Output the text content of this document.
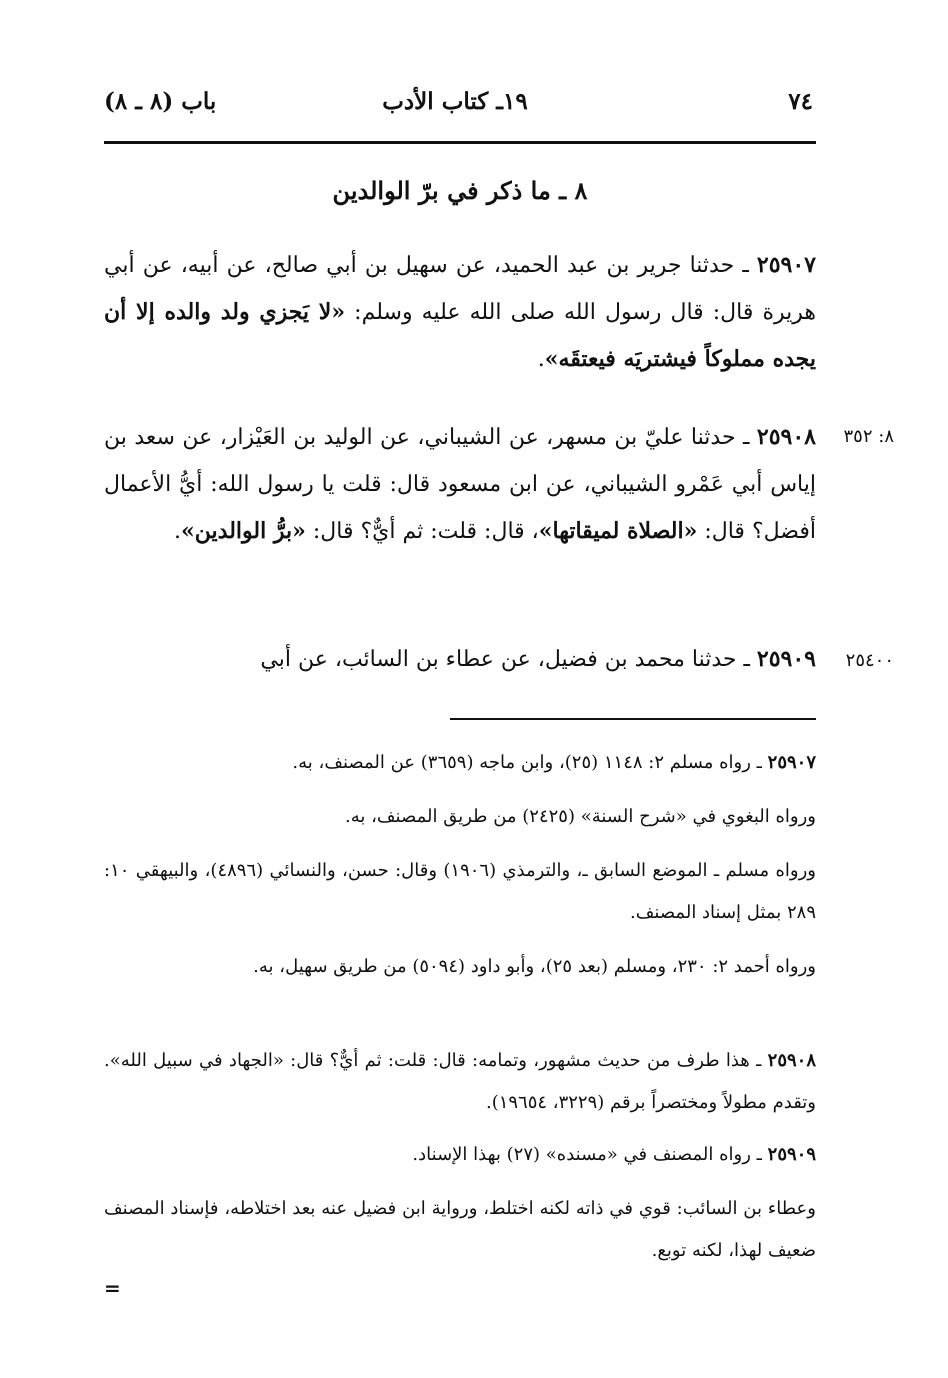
٧٤
١٩ـ كتاب الأدب
باب (٨ ـ ٨)
٨ ـ ما ذكر في برّ الوالدين

٢٥٩٠٧ ـ حدثنا جرير بن عبد الحميد، عن سهيل بن أبي صالح، عن أبيه، عن أبي هريرة قال: قال رسول الله صلى الله عليه وسلم: «لا يَجزي ولد والده إلا أن يجده مملوكاً فيشتريَه فيعتقَه».

٨: ٣٥٢

٢٥٩٠٨ ـ حدثنا عليّ بن مسهر، عن الشيباني، عن الوليد بن العَيْزار، عن سعد بن إياس أبي عَمْرو الشيباني، عن ابن مسعود قال: قلت يا رسول الله: أيُّ الأعمال أفضل؟ قال: «الصلاة لميقاتها»، قال: قلت: ثم أيٌّ؟ قال: «برُّ الوالدين».

٢٥٤٠٠

٢٥٩٠٩ ـ حدثنا محمد بن فضيل، عن عطاء بن السائب، عن أبي

٢٥٩٠٧ ـ رواه مسلم ٢: ١١٤٨ (٢٥)، وابن ماجه (٣٦٥٩) عن المصنف، به.

ورواه البغوي في «شرح السنة» (٢٤٢٥) من طريق المصنف، به.

ورواه مسلم ـ الموضع السابق ـ، والترمذي (١٩٠٦) وقال: حسن، والنسائي (٤٨٩٦)، والبيهقي ١٠: ٢٨٩ بمثل إسناد المصنف.

ورواه أحمد ٢: ٢٣٠، ومسلم (بعد ٢٥)، وأبو داود (٥٠٩٤) من طريق سهيل، به.

٢٥٩٠٨ ـ هذا طرف من حديث مشهور، وتمامه: قال: قلت: ثم أيٌّ؟ قال: «الجهاد في سبيل الله». وتقدم مطولاً ومختصراً برقم (٣٢٢٩، ١٩٦٥٤).

٢٥٩٠٩ ـ رواه المصنف في «مسنده» (٢٧) بهذا الإسناد.

وعطاء بن السائب: قوي في ذاته لكنه اختلط، ورواية ابن فضيل عنه بعد اختلاطه، فإسناد المصنف ضعيف لهذا، لكنه توبع.

=
